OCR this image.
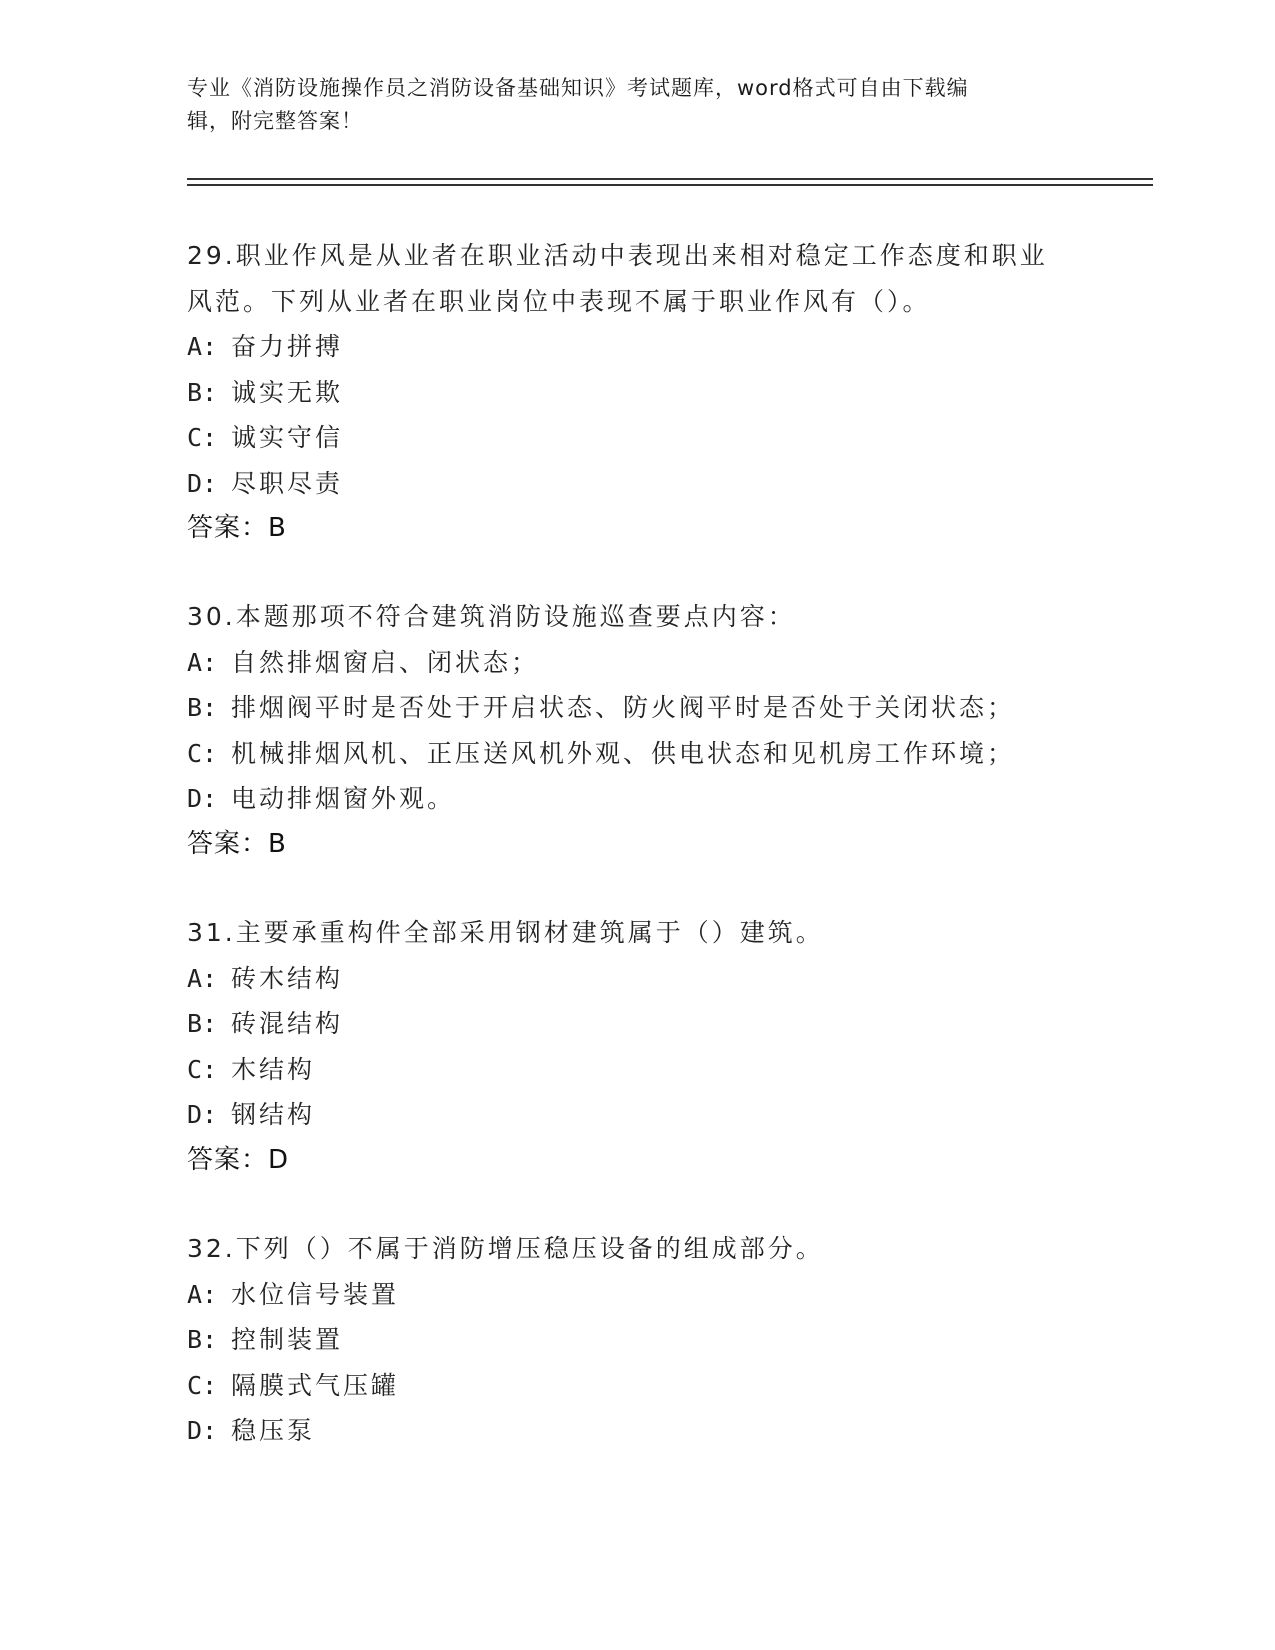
专业《消防设施操作员之消防设备基础知识》考试题库，word格式可自由下载编
辑，附完整答案！
29.职业作风是从业者在职业活动中表现出来相对稳定工作态度和职业
风范。下列从业者在职业岗位中表现不属于职业作风有（）。
A: 奋力拼搏
B: 诚实无欺
C: 诚实守信
D: 尽职尽责
答案：B
30.本题那项不符合建筑消防设施巡查要点内容：
A: 自然排烟窗启、闭状态；
B: 排烟阀平时是否处于开启状态、防火阀平时是否处于关闭状态；
C: 机械排烟风机、正压送风机外观、供电状态和见机房工作环境；
D: 电动排烟窗外观。
答案：B
31.主要承重构件全部采用钢材建筑属于（）建筑。
A: 砖木结构
B: 砖混结构
C: 木结构
D: 钢结构
答案：D
32.下列（）不属于消防增压稳压设备的组成部分。
A: 水位信号装置
B: 控制装置
C: 隔膜式气压罐
D: 稳压泵
